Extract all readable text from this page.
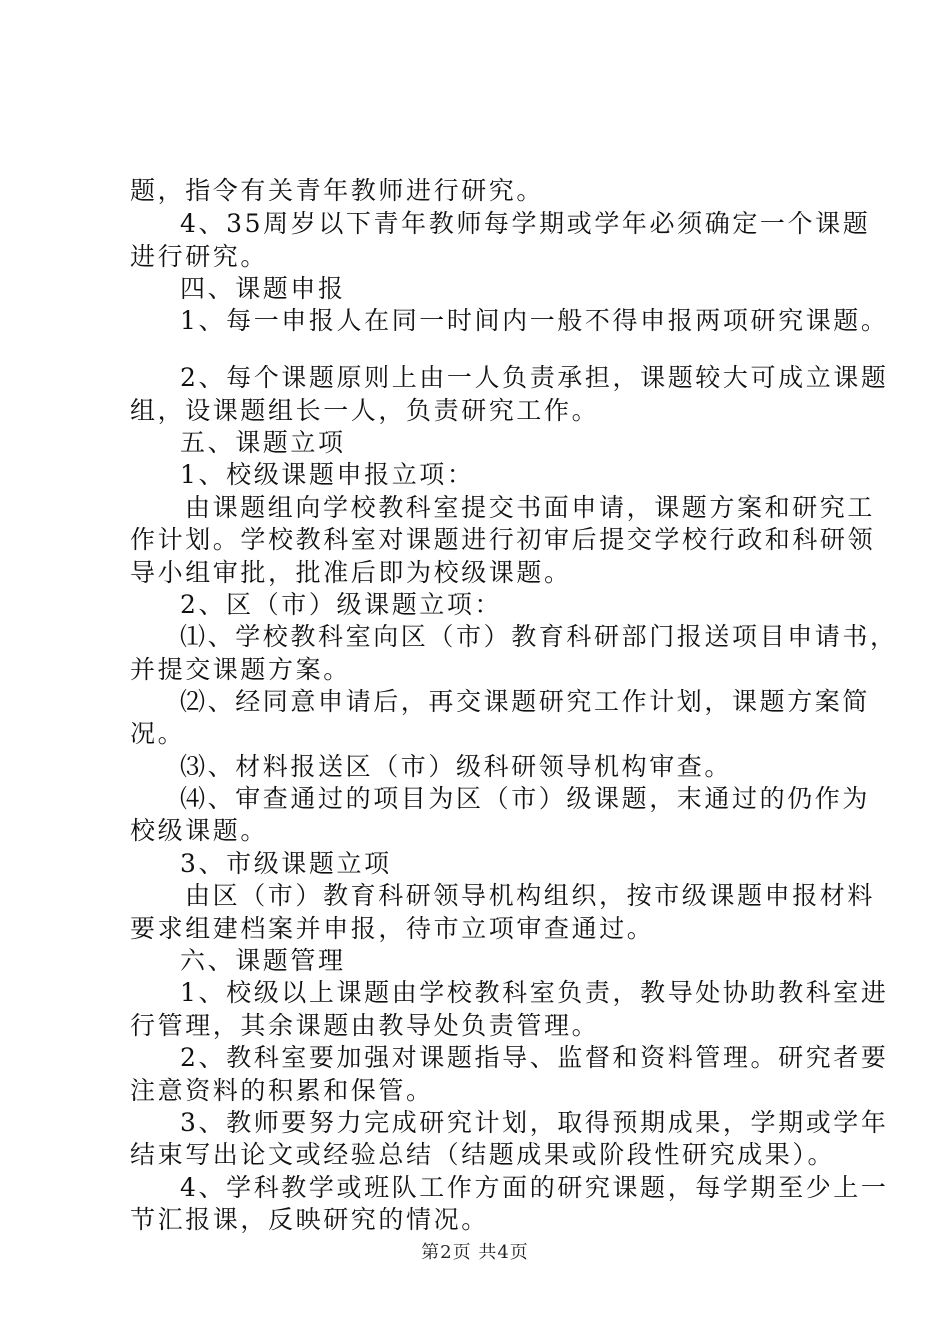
题，指令有关青年教师进行研究。
4、35周岁以下青年教师每学期或学年必须确定一个课题
进行研究。
四、课题申报
1、每一申报人在同一时间内一般不得申报两项研究课题。
2、每个课题原则上由一人负责承担，课题较大可成立课题
组，设课题组长一人，负责研究工作。
五、课题立项
1、校级课题申报立项：
由课题组向学校教科室提交书面申请，课题方案和研究工
作计划。学校教科室对课题进行初审后提交学校行政和科研领
导小组审批，批准后即为校级课题。
2、区（市）级课题立项：
⑴、学校教科室向区（市）教育科研部门报送项目申请书，
并提交课题方案。
⑵、经同意申请后，再交课题研究工作计划，课题方案简
况。
⑶、材料报送区（市）级科研领导机构审查。
⑷、审查通过的项目为区（市）级课题，末通过的仍作为
校级课题。
3、市级课题立项
由区（市）教育科研领导机构组织，按市级课题申报材料
要求组建档案并申报，待市立项审查通过。
六、课题管理
1、校级以上课题由学校教科室负责，教导处协助教科室进
行管理，其余课题由教导处负责管理。
2、教科室要加强对课题指导、监督和资料管理。研究者要
注意资料的积累和保管。
3、教师要努力完成研究计划，取得预期成果，学期或学年
结束写出论文或经验总结（结题成果或阶段性研究成果）。
4、学科教学或班队工作方面的研究课题，每学期至少上一
节汇报课，反映研究的情况。
第2页 共4页
